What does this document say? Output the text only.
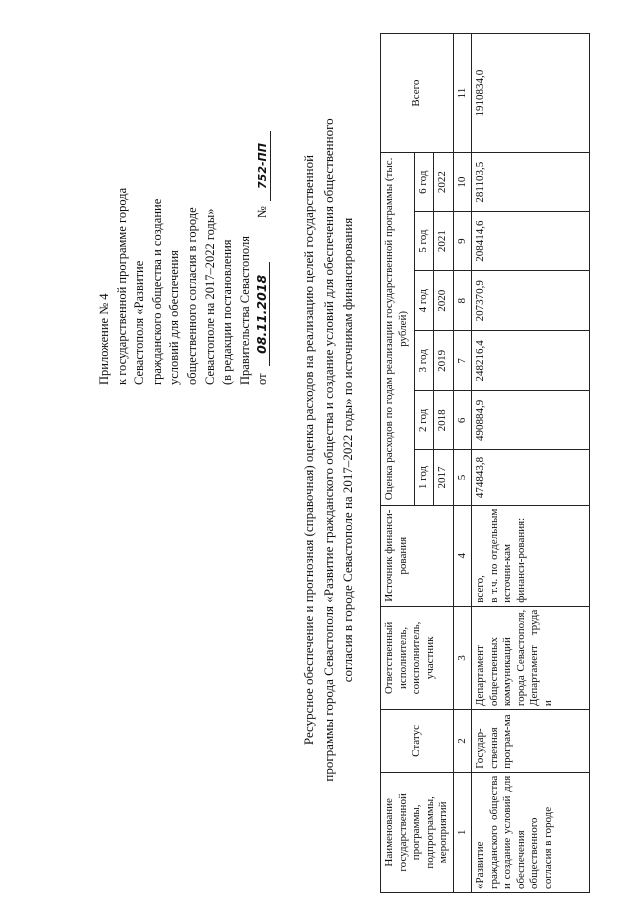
Приложение № 4 к государственной программе города Севастополя «Развитие гражданского общества и создание условий для обеспечения общественного согласия в городе Севастополе на 2017–2022 годы» (в редакции постановления Правительства Севастополя от 08.11.2018  № 752-ПП Ресурсное обеспечение и прогнозная (справочная) оценка расходов на реализацию целей государственной программы города Севастополя «Развитие гражданского общества и создание условий для обеспечения общественного согласия в городе Севастополе на 2017–2022 годы» по источникам финансирования
Наименование государственной программы, подпрограммы, мероприятий	Статус	Ответственный исполнитель, соисполнитель, участник	Источник финанси-рования	Оценка расходов по годам реализации государственной программы (тыс. рублей)						Всего
				1 год	2 год	3 год	4 год	5 год	6 год	
				2017	2018	2019	2020	2021	2022	
1	2	3	4	5	6	7	8	9	10	11
«Развитие гражданского общества и создание условий для обеспечения общественного согласия в городе	Государ-ственная програм-ма	Департамент общественных коммуникаций города Севастополя, Департамент труда и	всего, в т.ч. по отдельным источни-кам финанси-рования:	474843,8	490884,9	248216,4	207370,9	208414,6	281103,5	1910834,0
